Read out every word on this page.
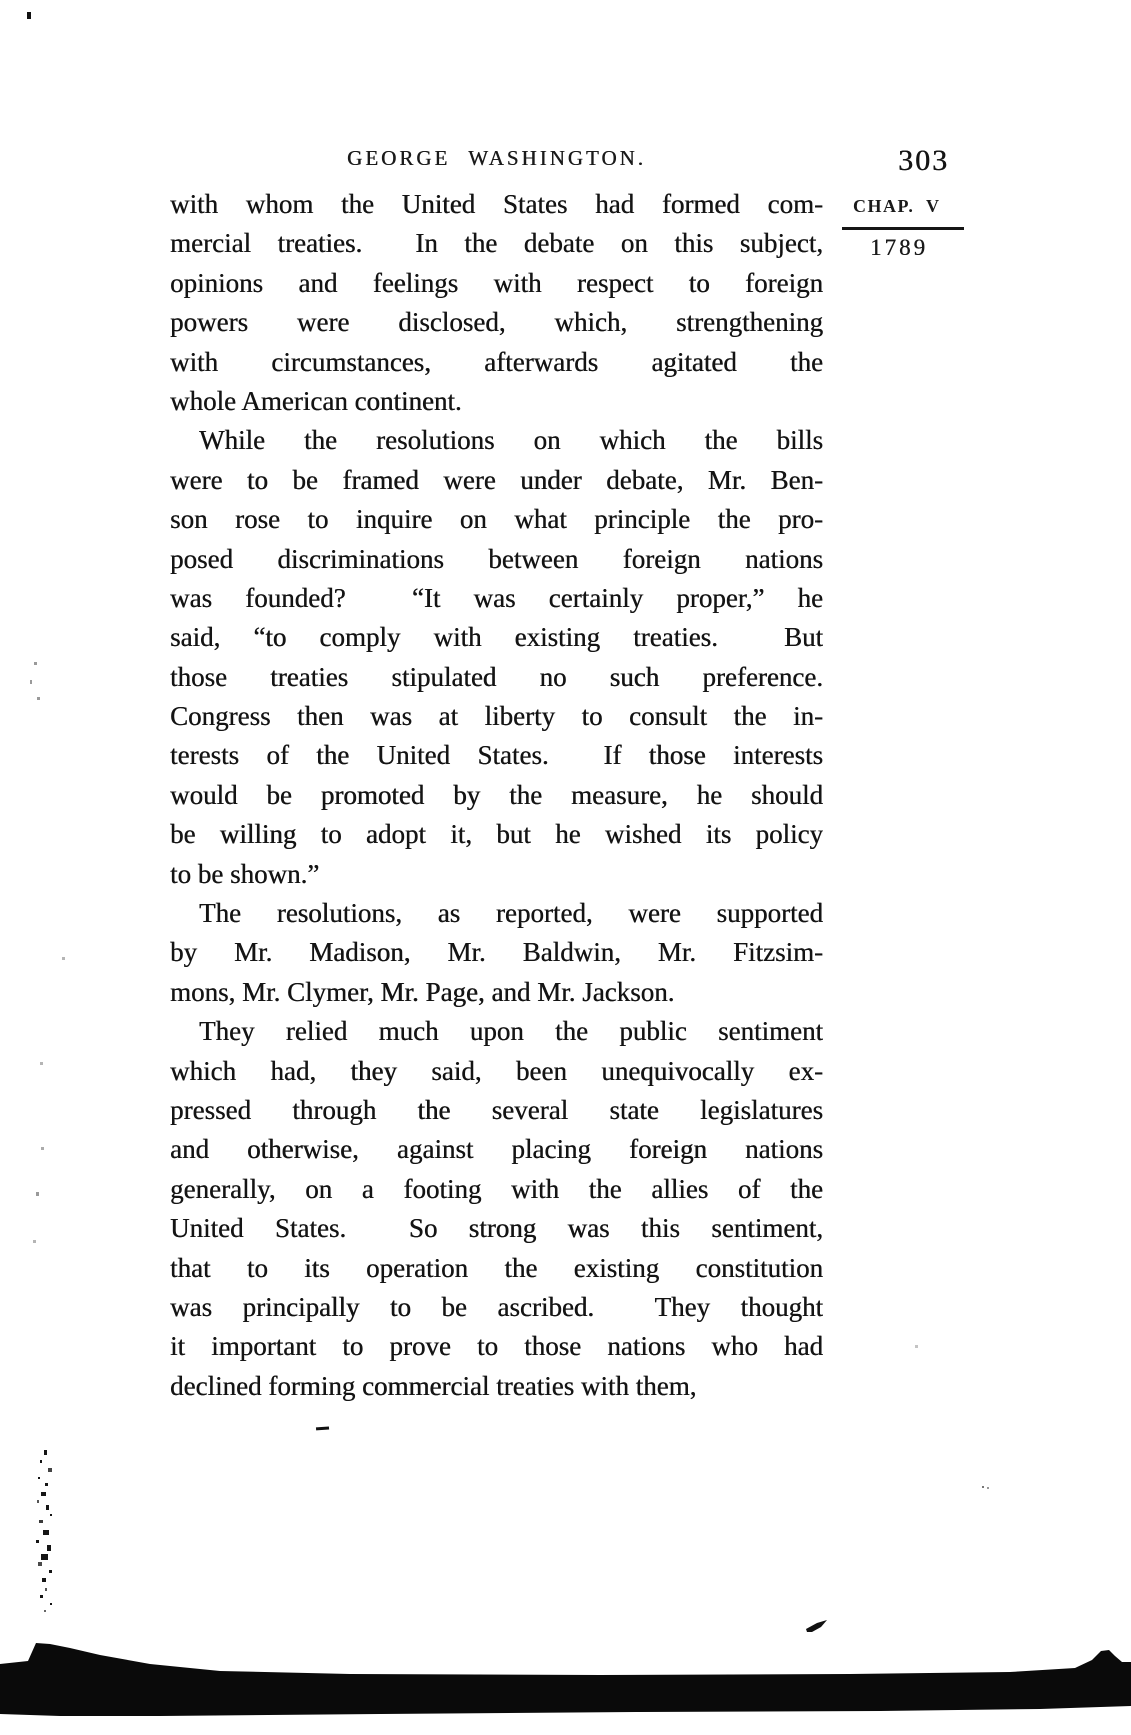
GEORGE WASHINGTON.	303
CHAP. V
1789
with whom the United States had formed com-
mercial treaties.  In the debate on this subject,
opinions and feelings with respect to foreign
powers were disclosed, which, strengthening
with circumstances, afterwards agitated the
whole American continent.
While the resolutions on which the bills
were to be framed were under debate, Mr. Ben-
son rose to inquire on what principle the pro-
posed discriminations between foreign nations
was founded?  “It was certainly proper,” he
said, “to comply with existing treaties.  But
those treaties stipulated no such preference.
Congress then was at liberty to consult the in-
terests of the United States.  If those interests
would be promoted by the measure, he should
be willing to adopt it, but he wished its policy
to be shown.”
The resolutions, as reported, were supported
by Mr. Madison, Mr. Baldwin, Mr. Fitzsim-
mons, Mr. Clymer, Mr. Page, and Mr. Jackson.
They relied much upon the public sentiment
which had, they said, been unequivocally ex-
pressed through the several state legislatures
and otherwise, against placing foreign nations
generally, on a footing with the allies of the
United States.  So strong was this sentiment,
that to its operation the existing constitution
was principally to be ascribed.  They thought
it important to prove to those nations who had
declined forming commercial treaties with them,
